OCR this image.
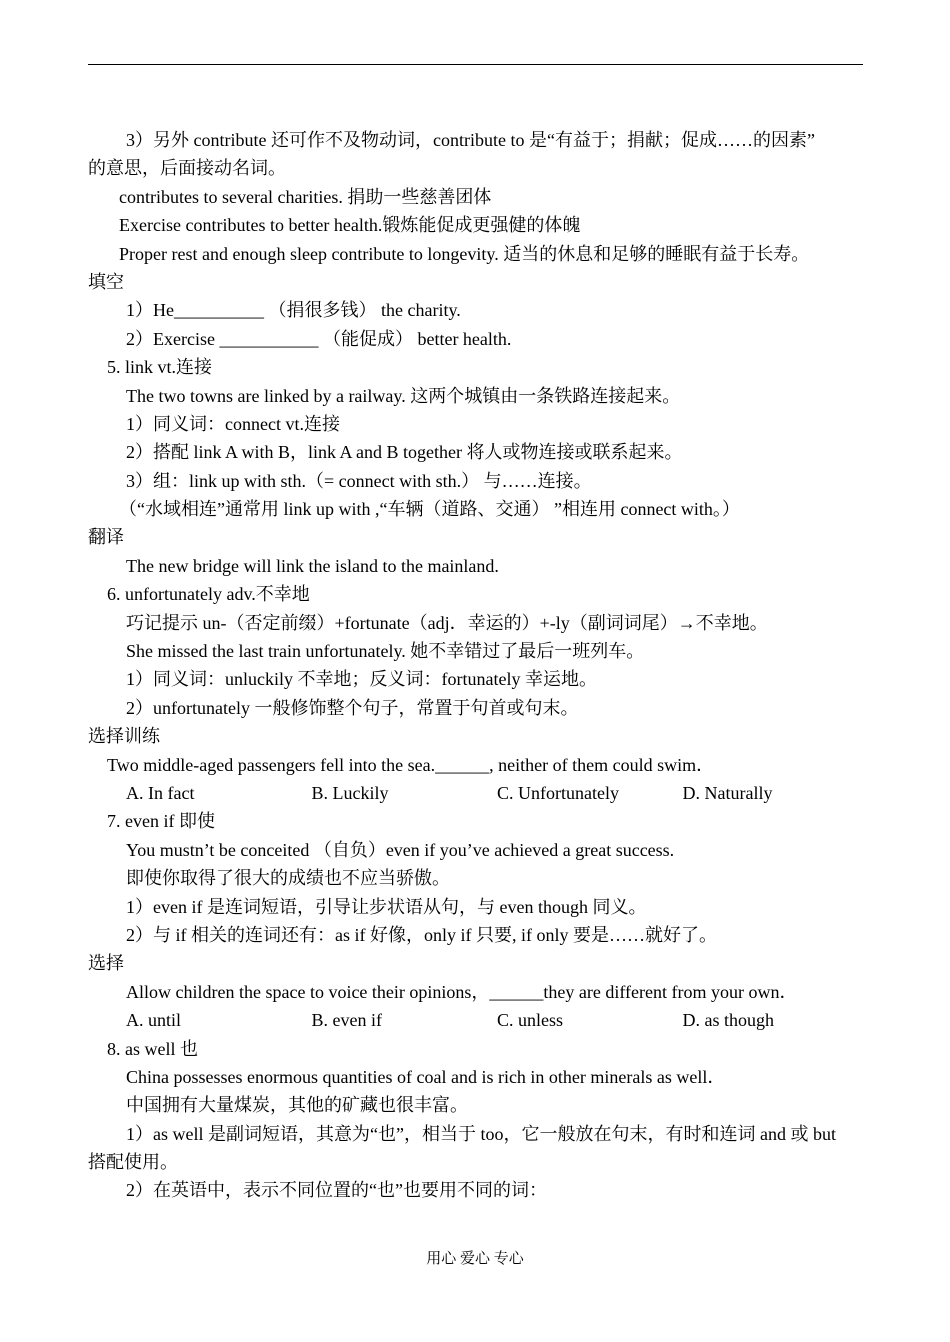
3）另外 contribute 还可作不及物动词，contribute to 是“有益于；捐献；促成……的因素”
的意思，后面接动名词。
contributes to several charities. 捐助一些慈善团体
Exercise contributes to better health.锻炼能促成更强健的体魄
Proper rest and enough sleep contribute to longevity. 适当的休息和足够的睡眠有益于长寿。
填空
1）He__________ （捐很多钱） the charity.
2）Exercise ___________ （能促成） better health.
5. link vt.连接
The two towns are linked by a railway. 这两个城镇由一条铁路连接起来。
1）同义词：connect vt.连接
2）搭配 link A with B，link A and B together 将人或物连接或联系起来。
3）组：link up with sth.（= connect with sth.） 与……连接。
（“水域相连”通常用 link up with ,“车辆（道路、交通） ”相连用 connect with。）
翻译
The new bridge will link the island to the mainland.
6. unfortunately adv.不幸地
巧记提示 un-（否定前缀）+fortunate（adj．幸运的）+-ly（副词词尾）→不幸地。
She missed the last train unfortunately. 她不幸错过了最后一班列车。
1）同义词：unluckily 不幸地；反义词：fortunately 幸运地。
2）unfortunately 一般修饰整个句子，常置于句首或句末。
选择训练
Two middle-aged passengers fell into the sea.______, neither of them could swim．
A. In fact	B. Luckily	C. Unfortunately	D. Naturally
7. even if 即使
You mustn’t be conceited （自负）even if you’ve achieved a great success.
即使你取得了很大的成绩也不应当骄傲。
1）even if 是连词短语，引导让步状语从句，与 even though 同义。
2）与 if 相关的连词还有：as if 好像，only if 只要, if only 要是……就好了。
选择
Allow children the space to voice their opinions，______they are different from your own．
A. until	B. even if	C. unless	D. as though
8. as well 也
China possesses enormous quantities of coal and is rich in other minerals as well．
中国拥有大量煤炭，其他的矿藏也很丰富。
1）as well 是副词短语，其意为“也”，相当于 too，它一般放在句末，有时和连词 and 或 but
搭配使用。
2）在英语中，表示不同位置的“也”也要用不同的词：
用心 爱心 专心
